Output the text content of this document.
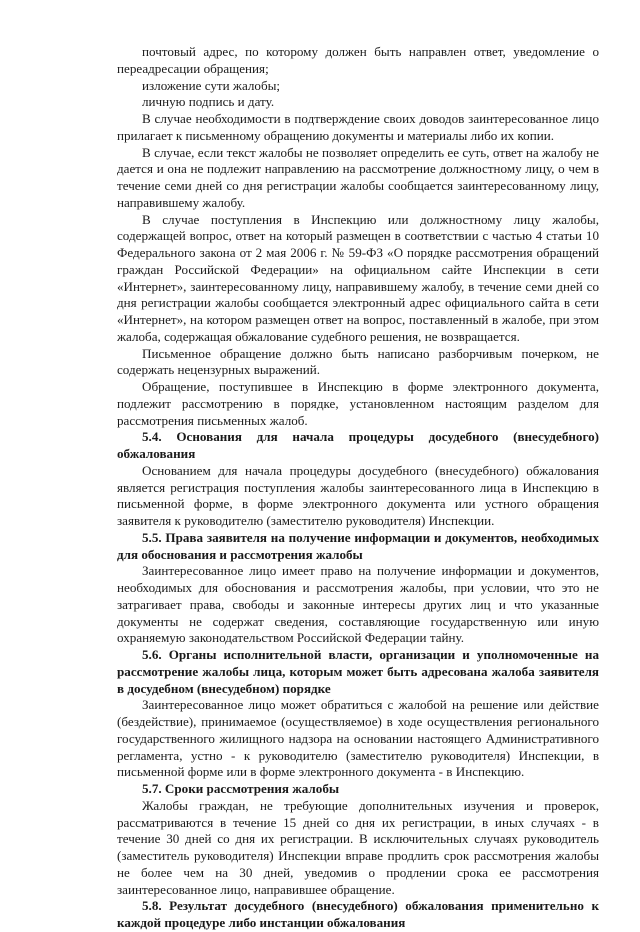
почтовый адрес, по которому должен быть направлен ответ, уведомление о переадресации обращения;

изложение сути жалобы;

личную подпись и дату.

В случае необходимости в подтверждение своих доводов заинтересованное лицо прилагает к письменному обращению документы и материалы либо их копии.

В случае, если текст жалобы не позволяет определить ее суть, ответ на жалобу не дается и она не подлежит направлению на рассмотрение должностному лицу, о чем в течение семи дней со дня регистрации жалобы сообщается заинтересованному лицу, направившему жалобу.

В случае поступления в Инспекцию или должностному лицу жалобы, содержащей вопрос, ответ на который размещен в соответствии с частью 4 статьи 10 Федерального закона от 2 мая 2006 г. № 59-ФЗ «О порядке рассмотрения обращений граждан Российской Федерации» на официальном сайте Инспекции в сети «Интернет», заинтересованному лицу, направившему жалобу, в течение семи дней со дня регистрации жалобы сообщается электронный адрес официального сайта в сети «Интернет», на котором размещен ответ на вопрос, поставленный в жалобе, при этом жалоба, содержащая обжалование судебного решения, не возвращается.

Письменное обращение должно быть написано разборчивым почерком, не содержать нецензурных выражений.

Обращение, поступившее в Инспекцию в форме электронного документа, подлежит рассмотрению в порядке, установленном настоящим разделом для рассмотрения письменных жалоб.

5.4. Основания для начала процедуры досудебного (внесудебного) обжалования

Основанием для начала процедуры досудебного (внесудебного) обжалования является регистрация поступления жалобы заинтересованного лица в Инспекцию в письменной форме, в форме электронного документа или устного обращения заявителя к руководителю (заместителю руководителя) Инспекции.

5.5. Права заявителя на получение информации и документов, необходимых для обоснования и рассмотрения жалобы

Заинтересованное лицо имеет право на получение информации и документов, необходимых для обоснования и рассмотрения жалобы, при условии, что это не затрагивает права, свободы и законные интересы других лиц и что указанные документы не содержат сведения, составляющие государственную или иную охраняемую законодательством Российской Федерации тайну.

5.6. Органы исполнительной власти, организации и уполномоченные на рассмотрение жалобы лица, которым может быть адресована жалоба заявителя в досудебном (внесудебном) порядке

Заинтересованное лицо может обратиться с жалобой на решение или действие (бездействие), принимаемое (осуществляемое) в ходе осуществления регионального государственного жилищного надзора на основании настоящего Административного регламента, устно - к руководителю (заместителю руководителя) Инспекции, в письменной форме или в форме электронного документа - в Инспекцию.

5.7. Сроки рассмотрения жалобы

Жалобы граждан, не требующие дополнительных изучения и проверок, рассматриваются в течение 15 дней со дня их регистрации, в иных случаях - в течение 30 дней со дня их регистрации. В исключительных случаях руководитель (заместитель руководителя) Инспекции вправе продлить срок рассмотрения жалобы не более чем на 30 дней, уведомив о продлении срока ее рассмотрения заинтересованное лицо, направившее обращение.

5.8. Результат досудебного (внесудебного) обжалования применительно к каждой процедуре либо инстанции обжалования
